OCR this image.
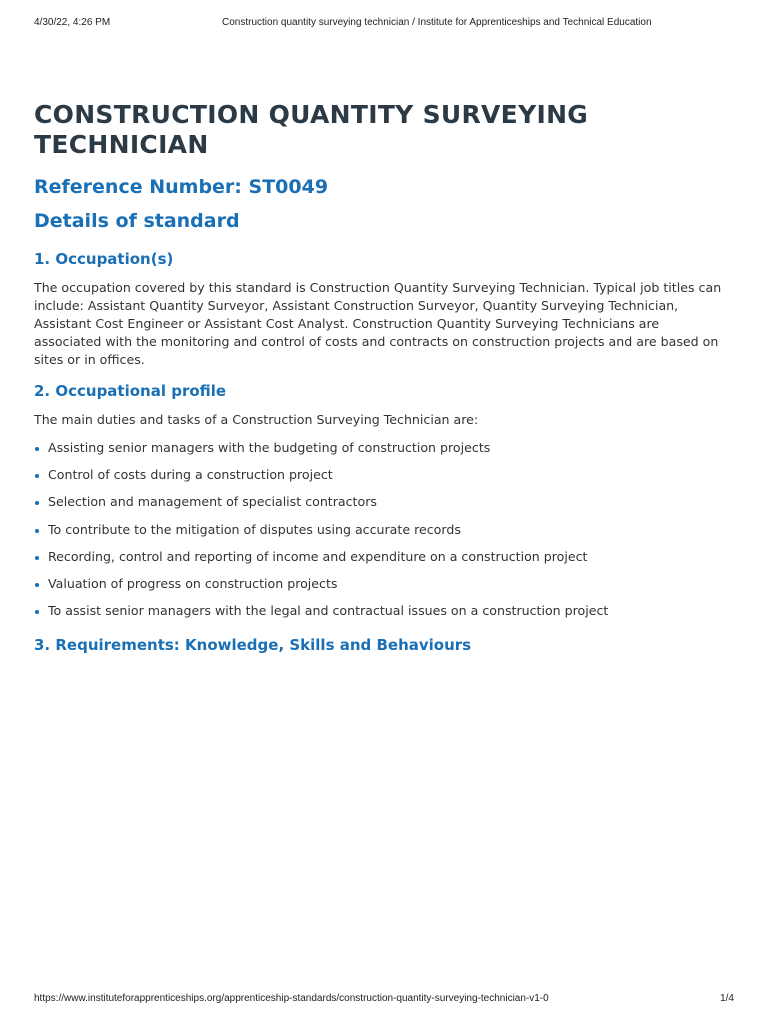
4/30/22, 4:26 PM	Construction quantity surveying technician / Institute for Apprenticeships and Technical Education
CONSTRUCTION QUANTITY SURVEYING TECHNICIAN
Reference Number: ST0049
Details of standard
1. Occupation(s)

The occupation covered by this standard is Construction Quantity Surveying Technician. Typical job titles can include: Assistant Quantity Surveyor, Assistant Construction Surveyor, Quantity Surveying Technician, Assistant Cost Engineer or Assistant Cost Analyst. Construction Quantity Surveying Technicians are associated with the monitoring and control of costs and contracts on construction projects and are based on sites or in offices.

2. Occupational profile

The main duties and tasks of a Construction Surveying Technician are:

Assisting senior managers with the budgeting of construction projects
Control of costs during a construction project
Selection and management of specialist contractors
To contribute to the mitigation of disputes using accurate records
Recording, control and reporting of income and expenditure on a construction project
Valuation of progress on construction projects
To assist senior managers with the legal and contractual issues on a construction project
3. Requirements: Knowledge, Skills and Behaviours
https://www.instituteforapprenticeships.org/apprenticeship-standards/construction-quantity-surveying-technician-v1-0	1/4
